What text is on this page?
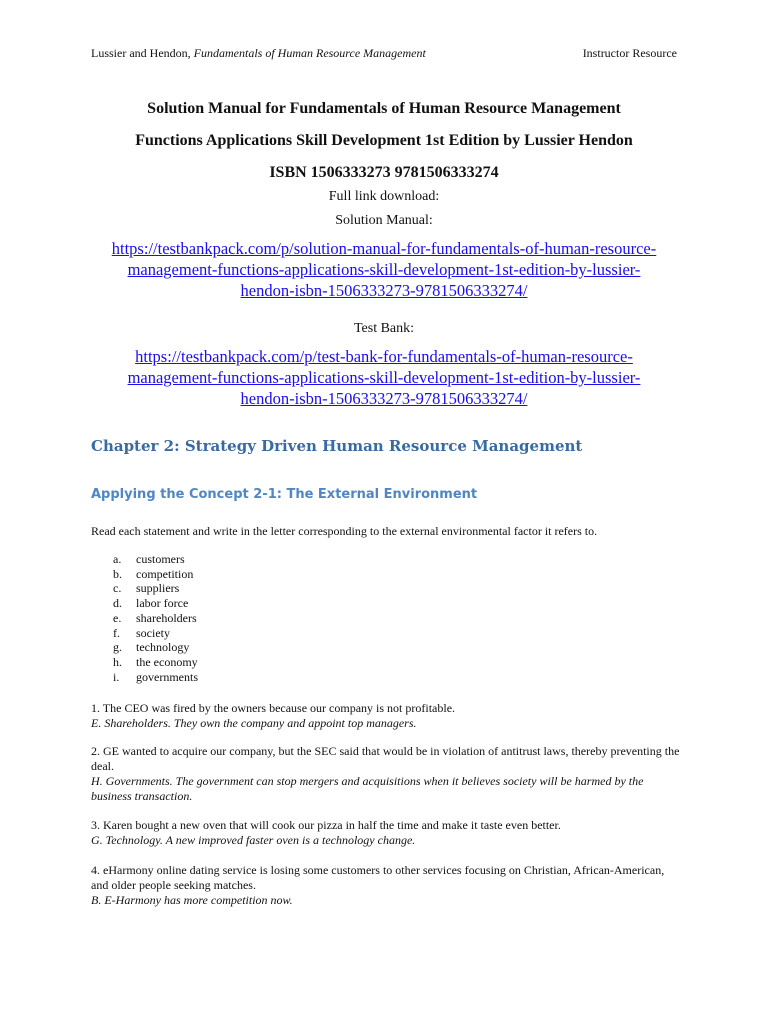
Lussier and Hendon, Fundamentals of Human Resource Management	Instructor Resource
Solution Manual for Fundamentals of Human Resource Management
Functions Applications Skill Development 1st Edition by Lussier Hendon
ISBN 1506333273 9781506333274
Full link download:
Solution Manual:
https://testbankpack.com/p/solution-manual-for-fundamentals-of-human-resource-
management-functions-applications-skill-development-1st-edition-by-lussier-
hendon-isbn-1506333273-9781506333274/
Test Bank:
https://testbankpack.com/p/test-bank-for-fundamentals-of-human-resource-
management-functions-applications-skill-development-1st-edition-by-lussier-
hendon-isbn-1506333273-9781506333274/
Chapter 2: Strategy Driven Human Resource Management
Applying the Concept 2-1: The External Environment
Read each statement and write in the letter corresponding to the external environmental factor it refers to.
a.	customers
b.	competition
c.	suppliers
d.	labor force
e.	shareholders
f.	society
g.	technology
h.	the economy
i.	governments
1. The CEO was fired by the owners because our company is not profitable.
E. Shareholders. They own the company and appoint top managers.
2. GE wanted to acquire our company, but the SEC said that would be in violation of antitrust laws, thereby preventing the deal.
H. Governments. The government can stop mergers and acquisitions when it believes society will be harmed by the business transaction.
3. Karen bought a new oven that will cook our pizza in half the time and make it taste even better.
G. Technology. A new improved faster oven is a technology change.
4. eHarmony online dating service is losing some customers to other services focusing on Christian, African-American, and older people seeking matches.
B. E-Harmony has more competition now.
